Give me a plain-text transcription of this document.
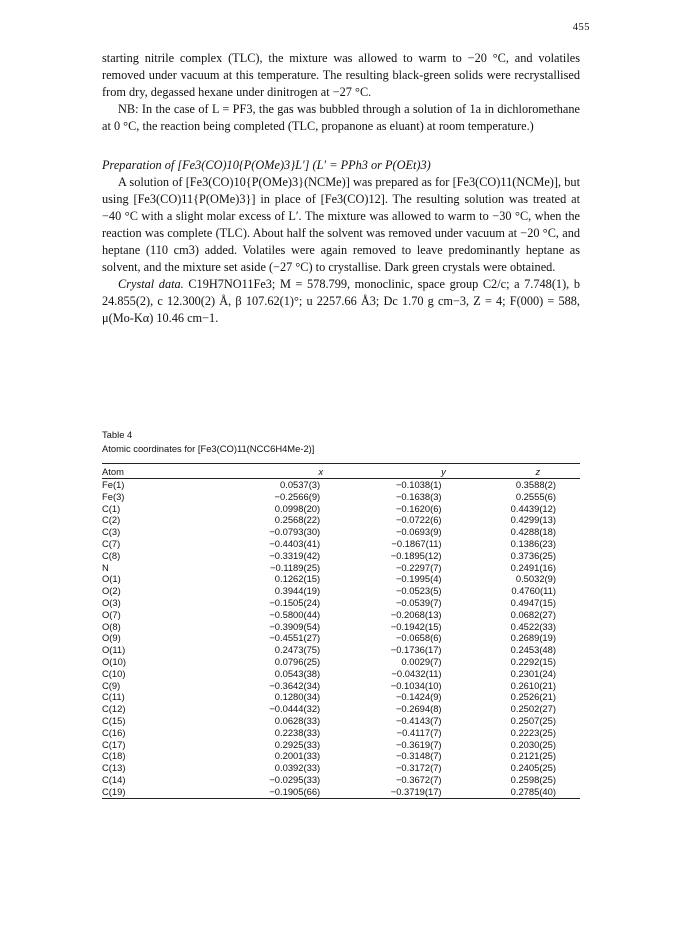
455

starting nitrile complex (TLC), the mixture was allowed to warm to −20 °C, and volatiles removed under vacuum at this temperature. The resulting black-green solids were recrystallised from dry, degassed hexane under dinitrogen at −27 °C.

NB: In the case of L = PF3, the gas was bubbled through a solution of 1a in dichloromethane at 0 °C, the reaction being completed (TLC, propanone as eluant) at room temperature.)

Preparation of [Fe3(CO)10{P(OMe)3}L′] (L′ = PPh3 or P(OEt)3)

A solution of [Fe3(CO)10{P(OMe)3}(NCMe)] was prepared as for [Fe3(CO)11(NCMe)], but using [Fe3(CO)11{P(OMe)3}] in place of [Fe3(CO)12]. The resulting solution was treated at −40 °C with a slight molar excess of L′. The mixture was allowed to warm to −30 °C, when the reaction was complete (TLC). About half the solvent was removed under vacuum at −20 °C, and heptane (110 cm3) added. Volatiles were again removed to leave predominantly heptane as solvent, and the mixture set aside (−27 °C) to crystallise. Dark green crystals were obtained.

Crystal data. C19H7NO11Fe3; M = 578.799, monoclinic, space group C2/c; a 7.748(1), b 24.855(2), c 12.300(2) Å, β 107.62(1)°; u 2257.66 Å3; Dc 1.70 g cm−3, Z = 4; F(000) = 588, μ(Mo-Kα) 10.46 cm−1.

Table 4
Atomic coordinates for [Fe3(CO)11(NCC6H4Me-2)]
Atom	x	y	z
Fe(1)	0.0537(3)	−0.1038(1)	0.3588(2)
Fe(3)	−0.2566(9)	−0.1638(3)	0.2555(6)
C(1)	0.0998(20)	−0.1620(6)	0.4439(12)
C(2)	0.2568(22)	−0.0722(6)	0.4299(13)
C(3)	−0.0793(30)	−0.0693(9)	0.4288(18)
C(7)	−0.4403(41)	−0.1867(11)	0.1386(23)
C(8)	−0.3319(42)	−0.1895(12)	0.3736(25)
N	−0.1189(25)	−0.2297(7)	0.2491(16)
O(1)	0.1262(15)	−0.1995(4)	0.5032(9)
O(2)	0.3944(19)	−0.0523(5)	0.4760(11)
O(3)	−0.1505(24)	−0.0539(7)	0.4947(15)
O(7)	−0.5800(44)	−0.2068(13)	0.0682(27)
O(8)	−0.3909(54)	−0.1942(15)	0.4522(33)
O(9)	−0.4551(27)	−0.0658(6)	0.2689(19)
O(11)	0.2473(75)	−0.1736(17)	0.2453(48)
O(10)	0.0796(25)	0.0029(7)	0.2292(15)
C(10)	0.0543(38)	−0.0432(11)	0.2301(24)
C(9)	−0.3642(34)	−0.1034(10)	0.2610(21)
C(11)	0.1280(34)	−0.1424(9)	0.2526(21)
C(12)	−0.0444(32)	−0.2694(8)	0.2502(27)
C(15)	0.0628(33)	−0.4143(7)	0.2507(25)
C(16)	0.2238(33)	−0.4117(7)	0.2223(25)
C(17)	0.2925(33)	−0.3619(7)	0.2030(25)
C(18)	0.2001(33)	−0.3148(7)	0.2121(25)
C(13)	0.0392(33)	−0.3172(7)	0.2405(25)
C(14)	−0.0295(33)	−0.3672(7)	0.2598(25)
C(19)	−0.1905(66)	−0.3719(17)	0.2785(40)
